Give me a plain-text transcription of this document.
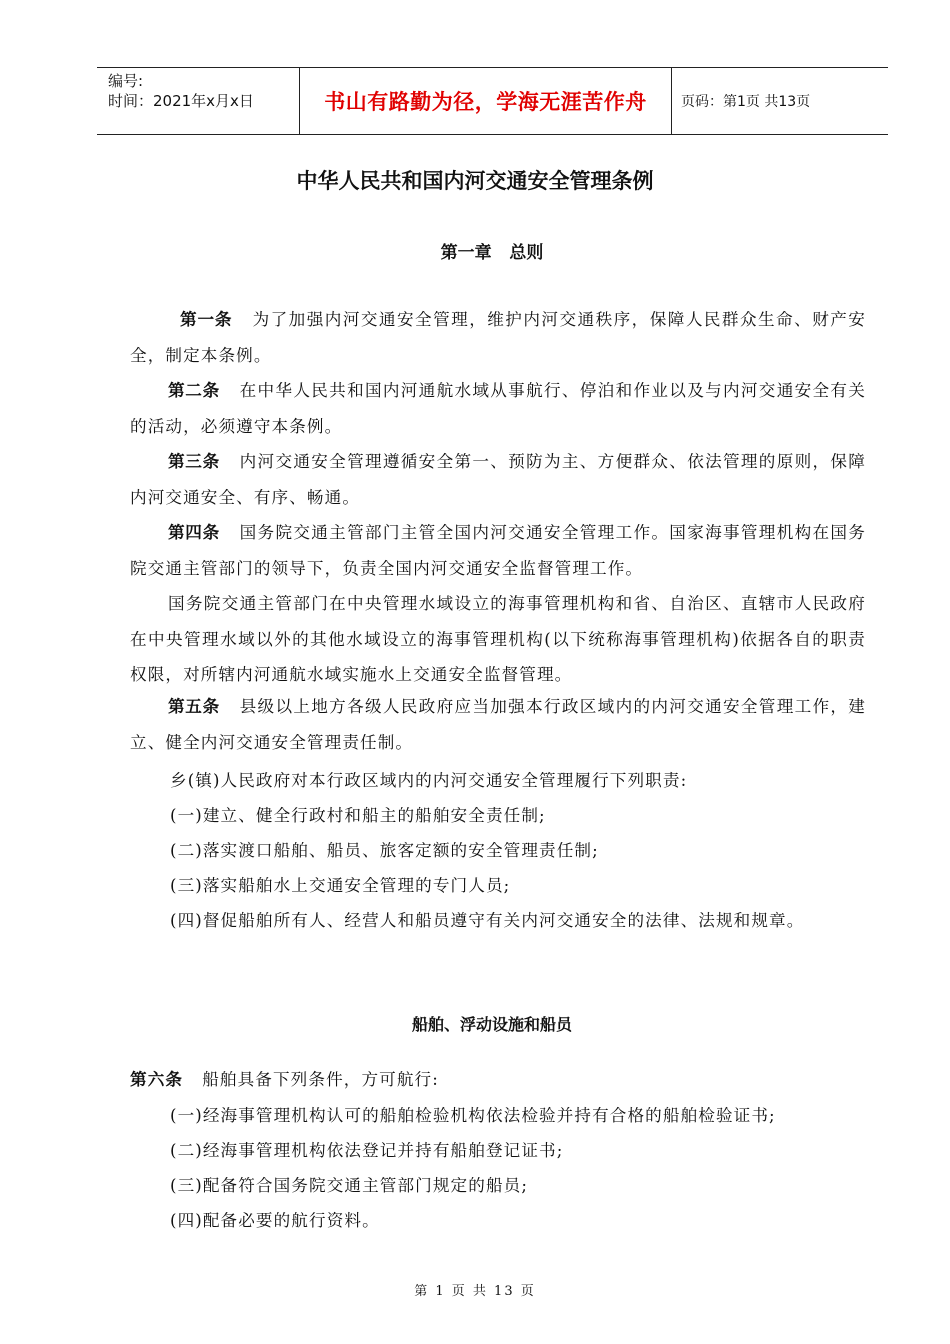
编号:
时间：2021年x月x日	书山有路勤为径，学海无涯苦作舟	页码：第1页 共13页
中华人民共和国内河交通安全管理条例
第一章   总则

第一条 为了加强内河交通安全管理，维护内河交通秩序，保障人民群众生命、财产安全，制定本条例。

第二条 在中华人民共和国内河通航水域从事航行、停泊和作业以及与内河交通安全有关的活动，必须遵守本条例。

第三条 内河交通安全管理遵循安全第一、预防为主、方便群众、依法管理的原则，保障内河交通安全、有序、畅通。

第四条 国务院交通主管部门主管全国内河交通安全管理工作。国家海事管理机构在国务院交通主管部门的领导下，负责全国内河交通安全监督管理工作。

国务院交通主管部门在中央管理水域设立的海事管理机构和省、自治区、直辖市人民政府在中央管理水域以外的其他水域设立的海事管理机构(以下统称海事管理机构)依据各自的职责权限，对所辖内河通航水域实施水上交通安全监督管理。

第五条 县级以上地方各级人民政府应当加强本行政区域内的内河交通安全管理工作，建立、健全内河交通安全管理责任制。

乡(镇)人民政府对本行政区域内的内河交通安全管理履行下列职责:

(一)建立、健全行政村和船主的船舶安全责任制;

(二)落实渡口船舶、船员、旅客定额的安全管理责任制;

(三)落实船舶水上交通安全管理的专门人员;

(四)督促船舶所有人、经营人和船员遵守有关内河交通安全的法律、法规和规章。

船舶、浮动设施和船员

第六条 船舶具备下列条件，方可航行:

(一)经海事管理机构认可的船舶检验机构依法检验并持有合格的船舶检验证书;

(二)经海事管理机构依法登记并持有船舶登记证书;

(三)配备符合国务院交通主管部门规定的船员;

(四)配备必要的航行资料。

第 1 页 共 13 页
